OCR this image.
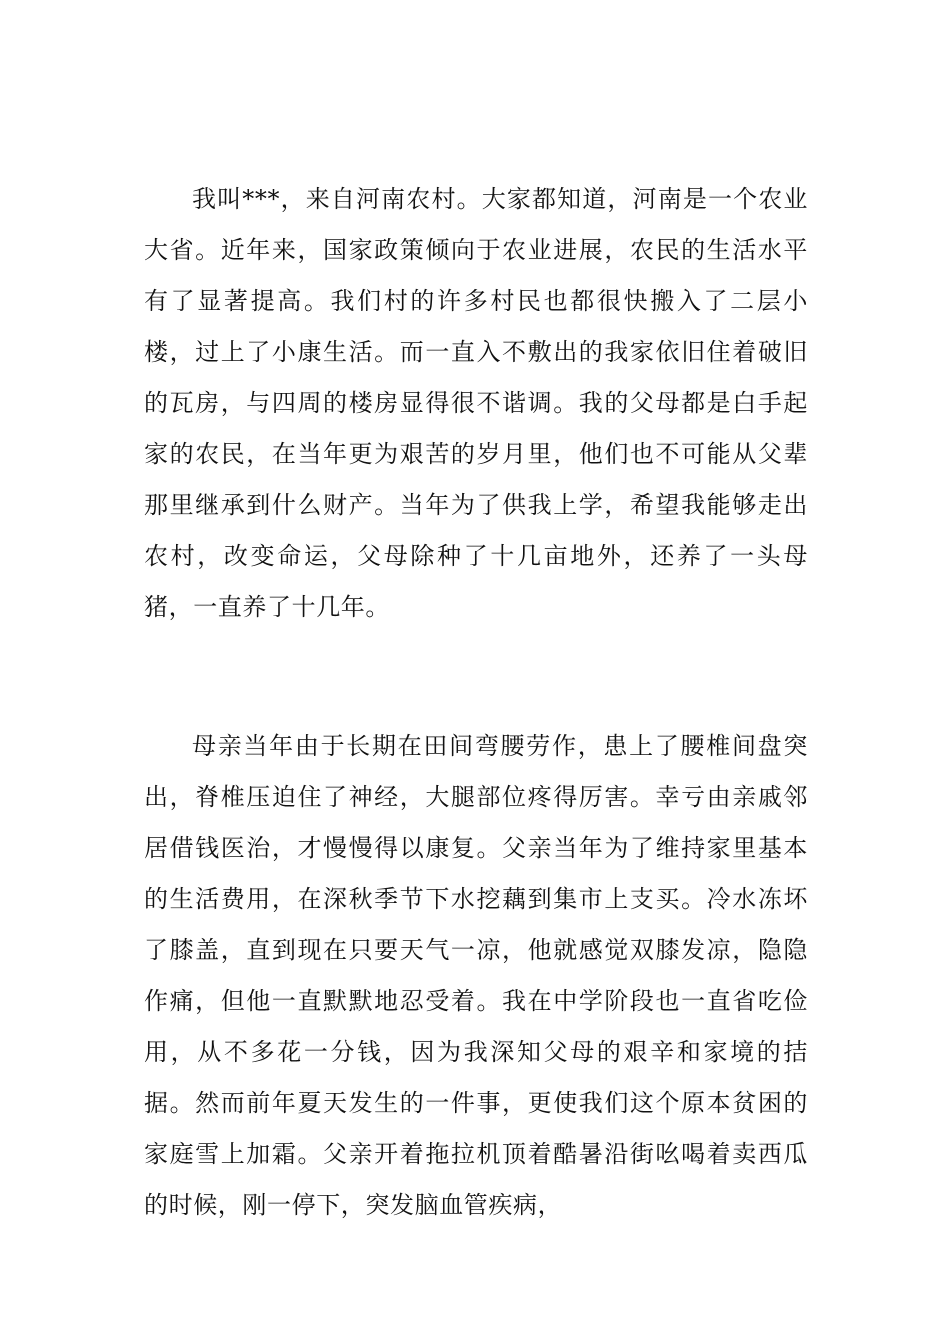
我叫***，来自河南农村。大家都知道，河南是一个农业大省。近年来，国家政策倾向于农业进展，农民的生活水平有了显著提高。我们村的许多村民也都很快搬入了二层小楼，过上了小康生活。而一直入不敷出的我家依旧住着破旧的瓦房，与四周的楼房显得很不谐调。我的父母都是白手起家的农民，在当年更为艰苦的岁月里，他们也不可能从父辈那里继承到什么财产。当年为了供我上学，希望我能够走出农村，改变命运，父母除种了十几亩地外，还养了一头母猪，一直养了十几年。

母亲当年由于长期在田间弯腰劳作，患上了腰椎间盘突出，脊椎压迫住了神经，大腿部位疼得厉害。幸亏由亲戚邻居借钱医治，才慢慢得以康复。父亲当年为了维持家里基本的生活费用，在深秋季节下水挖藕到集市上支买。冷水冻坏了膝盖，直到现在只要天气一凉，他就感觉双膝发凉，隐隐作痛，但他一直默默地忍受着。我在中学阶段也一直省吃俭用，从不多花一分钱，因为我深知父母的艰辛和家境的拮据。然而前年夏天发生的一件事，更使我们这个原本贫困的家庭雪上加霜。父亲开着拖拉机顶着酷暑沿街吆喝着卖西瓜的时候，刚一停下，突发脑血管疾病，
